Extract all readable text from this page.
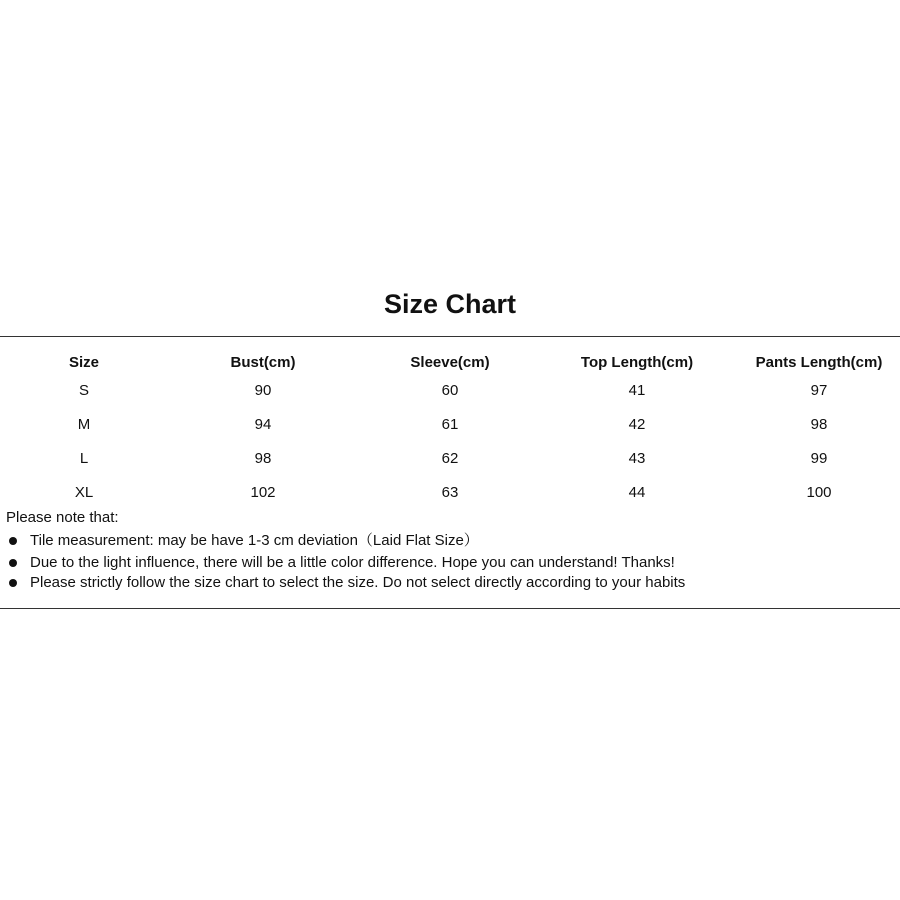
Size Chart
Size	Bust(cm)	Sleeve(cm)	Top Length(cm)	Pants Length(cm)
S	90	60	41	97
M	94	61	42	98
L	98	62	43	99
XL	102	63	44	100
Please note that:
Tile measurement: may be have 1-3 cm deviation（Laid Flat Size）
Due to the light influence, there will be a little color difference. Hope you can understand! Thanks!
Please strictly follow the size chart to select the size. Do not select directly according to your habits
